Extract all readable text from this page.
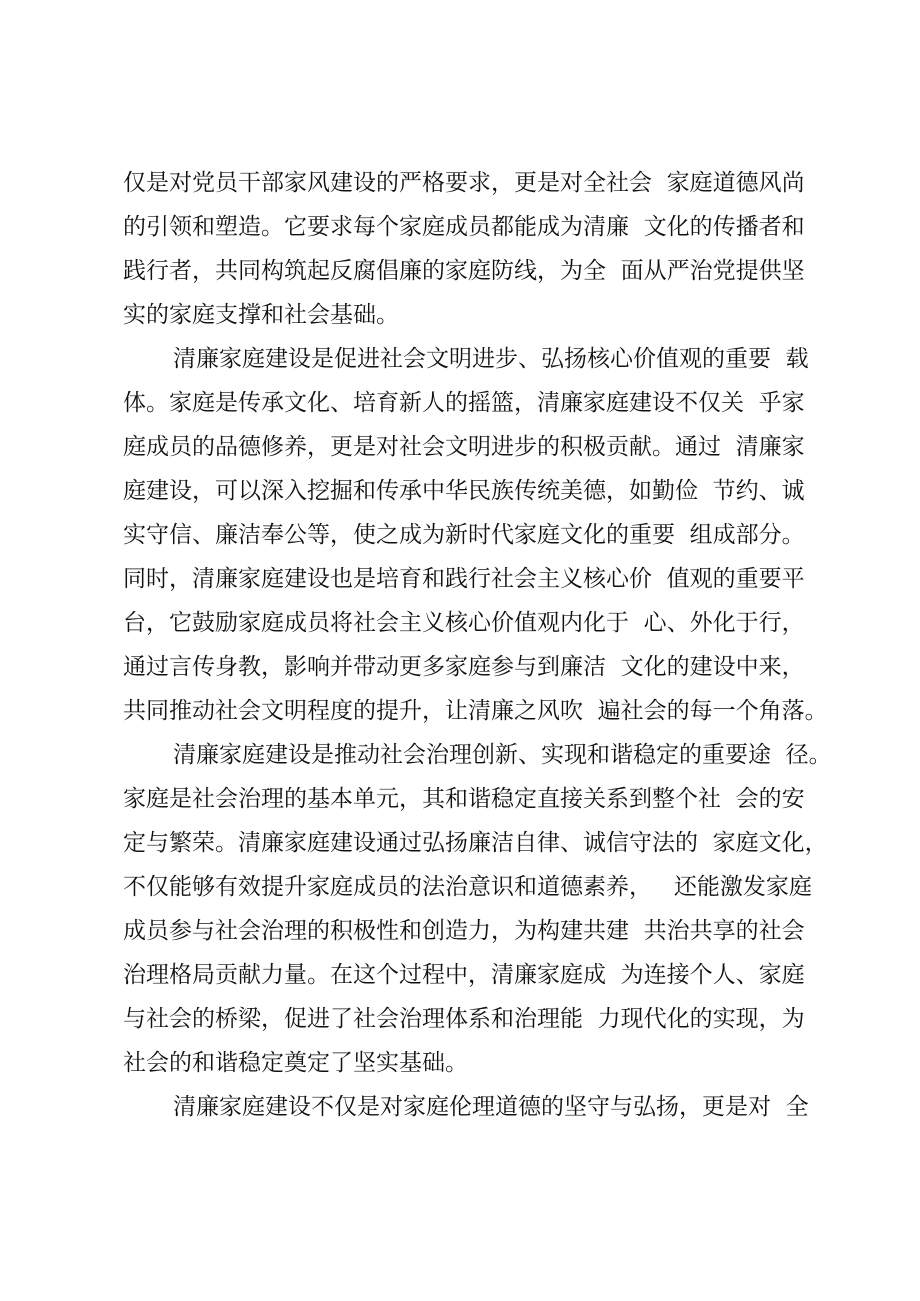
仅是对党员干部家风建设的严格要求，更是对全社会  家庭道德风尚

的引领和塑造。它要求每个家庭成员都能成为清廉  文化的传播者和

践行者，共同构筑起反腐倡廉的家庭防线，为全  面从严治党提供坚

实的家庭支撑和社会基础。

清廉家庭建设是促进社会文明进步、弘扬核心价值观的重要  载

体。家庭是传承文化、培育新人的摇篮，清廉家庭建设不仅关  乎家

庭成员的品德修养，更是对社会文明进步的积极贡献。通过  清廉家

庭建设，可以深入挖掘和传承中华民族传统美德，如勤俭  节约、诚

实守信、廉洁奉公等，使之成为新时代家庭文化的重要  组成部分。

同时，清廉家庭建设也是培育和践行社会主义核心价  值观的重要平

台，它鼓励家庭成员将社会主义核心价值观内化于  心、外化于行，

通过言传身教，影响并带动更多家庭参与到廉洁  文化的建设中来，

共同推动社会文明程度的提升，让清廉之风吹  遍社会的每一个角落。

清廉家庭建设是推动社会治理创新、实现和谐稳定的重要途  径。

家庭是社会治理的基本单元，其和谐稳定直接关系到整个社  会的安

定与繁荣。清廉家庭建设通过弘扬廉洁自律、诚信守法的  家庭文化，

不仅能够有效提升家庭成员的法治意识和道德素养，   还能激发家庭

成员参与社会治理的积极性和创造力，为构建共建  共治共享的社会

治理格局贡献力量。在这个过程中，清廉家庭成  为连接个人、家庭

与社会的桥梁，促进了社会治理体系和治理能  力现代化的实现，为

社会的和谐稳定奠定了坚实基础。

清廉家庭建设不仅是对家庭伦理道德的坚守与弘扬，更是对  全
